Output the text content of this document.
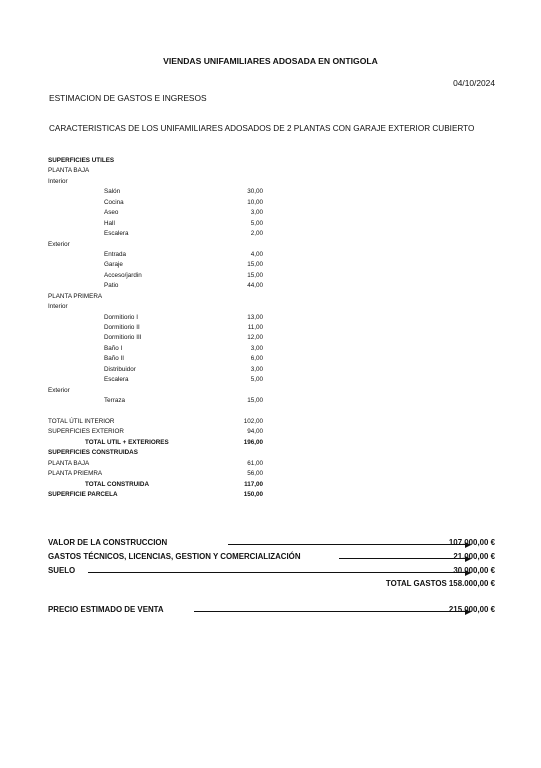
VIENDAS UNIFAMILIARES ADOSADA EN ONTIGOLA
04/10/2024
ESTIMACION DE GASTOS E INGRESOS
CARACTERISTICAS DE LOS UNIFAMILIARES ADOSADOS DE 2 PLANTAS CON GARAJE EXTERIOR CUBIERTO
SUPERFICIES UTILES
PLANTA BAJA
Interior
Salón	30,00
Cocina	10,00
Aseo	3,00
Hall	5,00
Escalera	2,00
Exterior
Entrada	4,00
Garaje	15,00
Acceso/jardin	15,00
Patio	44,00
PLANTA PRIMERA
Interior
Dormitiorio I	13,00
Dormitiorio II	11,00
Dormitiorio III	12,00
Baño I	3,00
Baño II	6,00
Distribuidor	3,00
Escalera	5,00
Exterior
Terraza	15,00
TOTAL ÚTIL INTERIOR	102,00
SUPERFICIES EXTERIOR	94,00
TOTAL UTIL + EXTERIORES	196,00
SUPERFICIES CONSTRUIDAS
PLANTA BAJA	61,00
PLANTA PRIEMRA	56,00
TOTAL CONSTRUIDA	117,00
SUPERFICIE PARCELA	150,00
VALOR DE LA CONSTRUCCION	107.000,00 €
GASTOS TÉCNICOS, LICENCIAS, GESTION Y COMERCIALIZACIÓN	21.000,00 €
SUELO	30.000,00 €
TOTAL GASTOS 158.000,00 €
PRECIO ESTIMADO DE VENTA	215.000,00 €
